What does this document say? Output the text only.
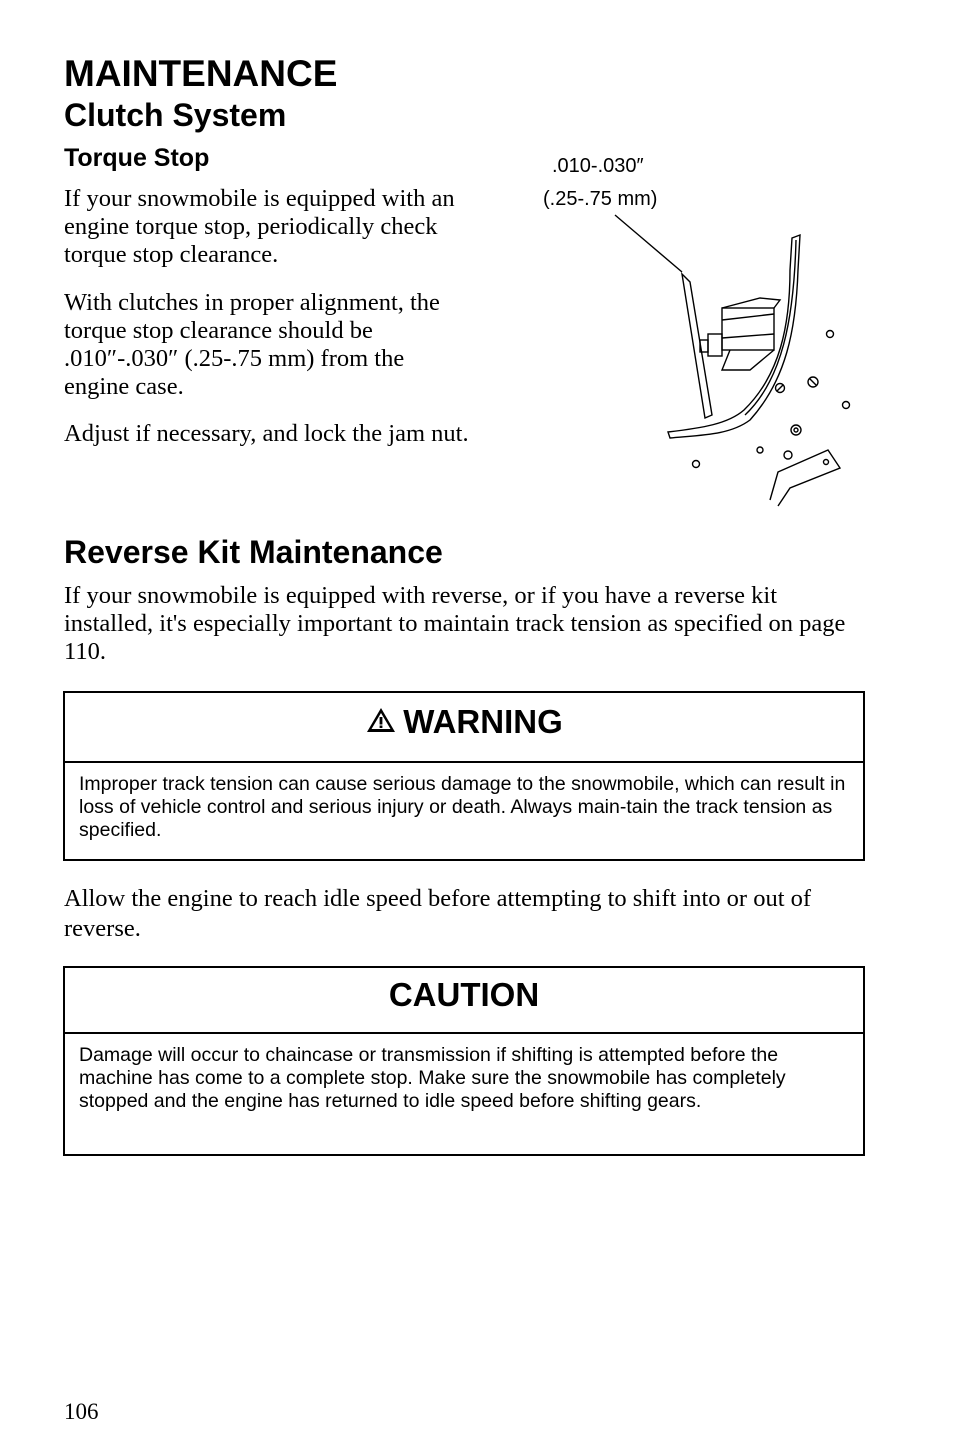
MAINTENANCE
Clutch System
Torque Stop

If your snowmobile is equipped with an engine torque stop, periodically check torque stop clearance.

With clutches in proper alignment, the torque stop clearance should be .010″-.030″ (.25-.75 mm) from the engine case.

Adjust if necessary, and lock the jam nut.

.010-.030″
(.25-.75 mm)
Reverse Kit Maintenance

If your snowmobile is equipped with reverse, or if you have a reverse kit installed, it's especially important to maintain track tension as specified on page 110.

WARNING
Improper track tension can cause serious damage to the snowmobile, which can result in loss of vehicle control and serious injury or death. Always main-tain the track tension as specified.

Allow the engine to reach idle speed before attempting to shift into or out of reverse.

CAUTION
Damage will occur to chaincase or transmission if shifting is attempted before the machine has come to a complete stop. Make sure the snowmobile has completely stopped and the engine has returned to idle speed before shifting gears.

106
